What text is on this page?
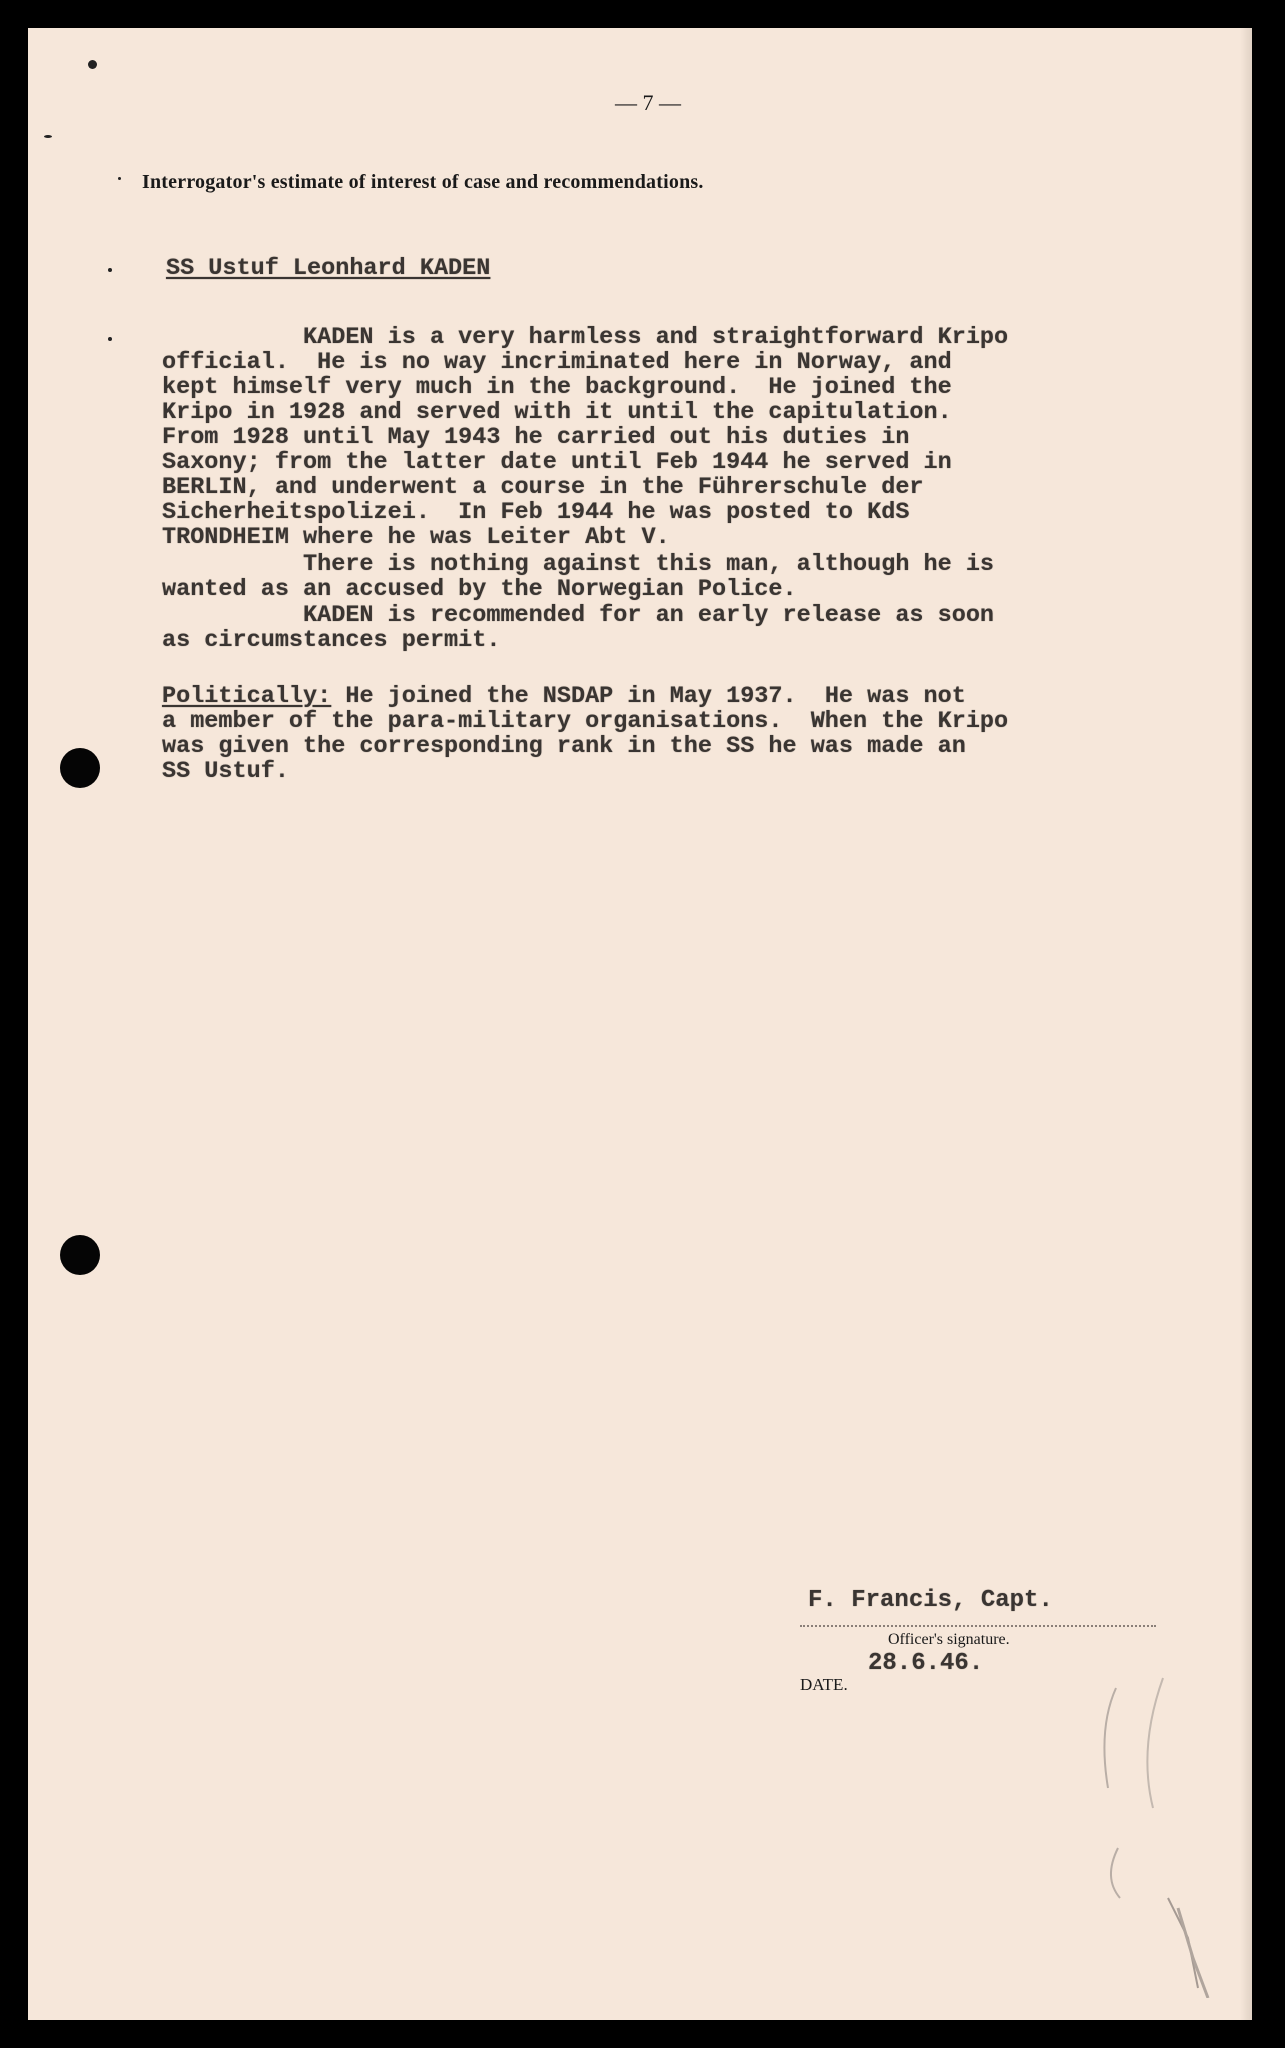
— 7 —
Interrogator's estimate of interest of case and recommendations.
SS Ustuf Leonhard KADEN
KADEN is a very harmless and straightforward Kripo
official.  He is no way incriminated here in Norway, and
kept himself very much in the background.  He joined the
Kripo in 1928 and served with it until the capitulation.
From 1928 until May 1943 he carried out his duties in
Saxony; from the latter date until Feb 1944 he served in
BERLIN, and underwent a course in the Führerschule der
Sicherheitspolizei.  In Feb 1944 he was posted to KdS
TRONDHEIM where he was Leiter Abt V.
There is nothing against this man, although he is
wanted as an accused by the Norwegian Police.
KADEN is recommended for an early release as soon
as circumstances permit.
Politically: He joined the NSDAP in May 1937.  He was not
a member of the para-military organisations.  When the Kripo
was given the corresponding rank in the SS he was made an
SS Ustuf.
F. Francis, Capt.
Officer's signature.
28.6.46.
DATE.
